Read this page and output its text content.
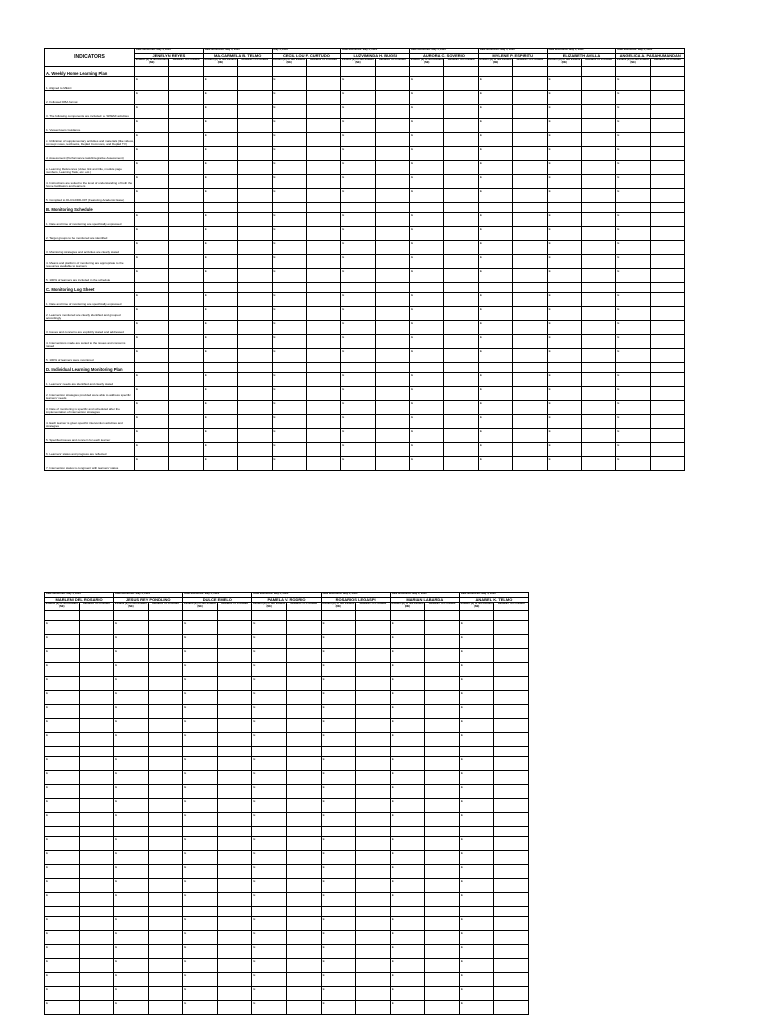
INDICATORS	Date Monitored: May 4, 2020		Date Monitored: May 4, 2020		May 4, 2020		Date Monitored: May 4, 2020		Date Monitored: May 4, 2020		Date Monitored: May 4, 2020		Date Monitored: May 4, 2020		Date Monitored: May 4, 2020	
	JENELYN REYES		MA.CARMELA B. TELMO		CECIL LOU F. CURTUDO		LUZVIMINDA H. BUGSI		AURORA C. SOVERIO		MYLENE P. ESPIRITU		ELIZABETH AVILLA		ANGELICA A. PASAHUMANDAN	
	Evident (E) or Not Evident (NE)	Remarks TA Provided	Evident (E) or Not Evident (NE)	Remarks TA Provided	Evident (E) or Not Evident (NE)	Remarks TA Provided	Evident (E) or Not Evident (NE)	Remarks TA Provided	Evident (E) or Not Evident (NE)	Remarks TA Provided	Evident (E) or Not Evident (NE)	Remarks TA Provided	Evident (E) or Not Evident (NE)	Remarks TA Provided	Evident (E) or Not Evident (NE)	Remarks TA Provided
A. Weekly Home Learning Plan																
1. Aligned to MELC	E		E		E		E		E		E		E		E	

2. Followed DBA format	E		E		E		E		E		E		E		E	

3. The following components are included: a. SPIEMI activities	E		E		E		E		E		E		E		E	

b. Viewer/users Guidance	E		E		E		E		E		E		E		E	

c. Utilization of supplementary activities and materials (like videos, concept notes, textbooks, DepEd Commons, and DepEd TV)	E		E		E		E		E		E		E		E	

d. Assessment (Performance task/Integrative Assessment)	E		E		E		E		E		E		E		E	

e. Learning References (video link and title, module page numbers, Learning Task, etc. etc.)	E		E		E		E		E		E		E		E	

4. Instructions are suited to the level of understanding of both the home facilitators and learners	E		E		E		E		E		E		E		E	

5. Complied to DLC/LDDD-007 (Featuring Academic Ease)	E		E		E		E		E		E		E		E	

B. Monitoring Schedule																
1. Date and time of monitoring are specifically expressed	E		E		E		E		E		E		E		E	

2. Target groups to be monitored are identified	E		E		E		E		E		E		E		E	

3. Monitoring strategies and activities are clearly stated	E		E		E		E		E		E		E		E	

4. Means and platform of monitoring are appropriate to the resources available to learners	E		E		E		E		E		E		E		E	

5. 100% of learners are included in the schedule	E		E		E		E		E		E		E		E	

C. Monitoring Log Sheet																
1. Date and time of monitoring are specifically expressed	E		E		E		E		E		E		E		E	

2. Learners monitored are clearly identified and grouped accordingly	E		E		E		E		E		E		E		E	

3. Issues and concerns are explicitly stated and addressed	E		E		E		E		E		E		E		E	

4. Interventions made are suited to the issues and concerns raised	E		E		E		E		E		E		E		E	

5. 100% of learners were monitored	E		E		E		E		E		E		E		E	

D. Individual Learning Monitoring Plan																
1. Learners' needs are identified and clearly stated	E		E		E		E		E		E		E		E	

2. Intervention strategies provided were able to address specific learners' needs	E		E		E		E		E		E		E		E	

3. Date of monitoring is specific and scheduled after the implementation of intervention strategies	E		E		E		E		E		E		E		E	

4. Each learner is given specific intervention activities and strategies	E		E		E		E		E		E		E		E	

5. Specified issues and concern for each learner	E		E		E		E		E		E		E		E	

6. Learners' status and progress are reflected	E		E		E		E		E		E		E		E	

7. Intervention status is congruent with learners' status	E		E		E		E		E		E		E		E	

Date Monitored: May 4, 2020		Date Monitored: May 4, 2020		Date Monitored: May 4, 2020		Date Monitored: May 4, 2020		Date Monitored: May 4, 2020		Date Monitored: May 4, 2020		Date Monitored: May 4, 2020	
MARLENI DEL ROSARIO		JESUS REY PONDLINO		DULCE EMELO		PAMELA V. RODRIO		ROSARIOS LEGASPI		MARIAN LABARDA		ANABEL K. TELMO	
Evident (E) or Not Evident (NE)	Remarks TA Provided	Evident (E) or Not Evident (NE)	Remarks TA Provided	Evident (E) or Not Evident (NE)	Remarks TA Provided	Evident (E) or Not Evident (NE)	Remarks TA Provided	Evident (E) or Not Evident (NE)	Remarks TA Provided	Evident (E) or Not Evident (NE)	Remarks TA Provided	Evident (E) or Not Evident (NE)	Remarks TA Provided

E		E		E		E		E		E		E	

E		E		E		E		E		E		E	

E		E		E		E		E		E		E	

E		E		E		E		E		E		E	

E		E		E		E		E		E		E	

E		E		E		E		E		E		E	

E		E		E		E		E		E		E	

E		E		E		E		E		E		E	

E		E		E		E		E		E		E	

E		E		E		E		E		E		E	

E		E		E		E		E		E		E	

E		E		E		E		E		E		E	

E		E		E		E		E		E		E	

E		E		E		E		E		E		E	

E		E		E		E		E		E		E	

E		E		E		E		E		E		E	

E		E		E		E		E		E		E	

E		E		E		E		E		E		E	

E		E		E		E		E		E		E	

E		E		E		E		E		E		E	

E		E		E		E		E		E		E	

E		E		E		E		E		E		E	

E		E		E		E		E		E		E	

E		E		E		E		E		E		E	

E		E		E		E		E		E		E	

E		E		E		E		E		E		E	
